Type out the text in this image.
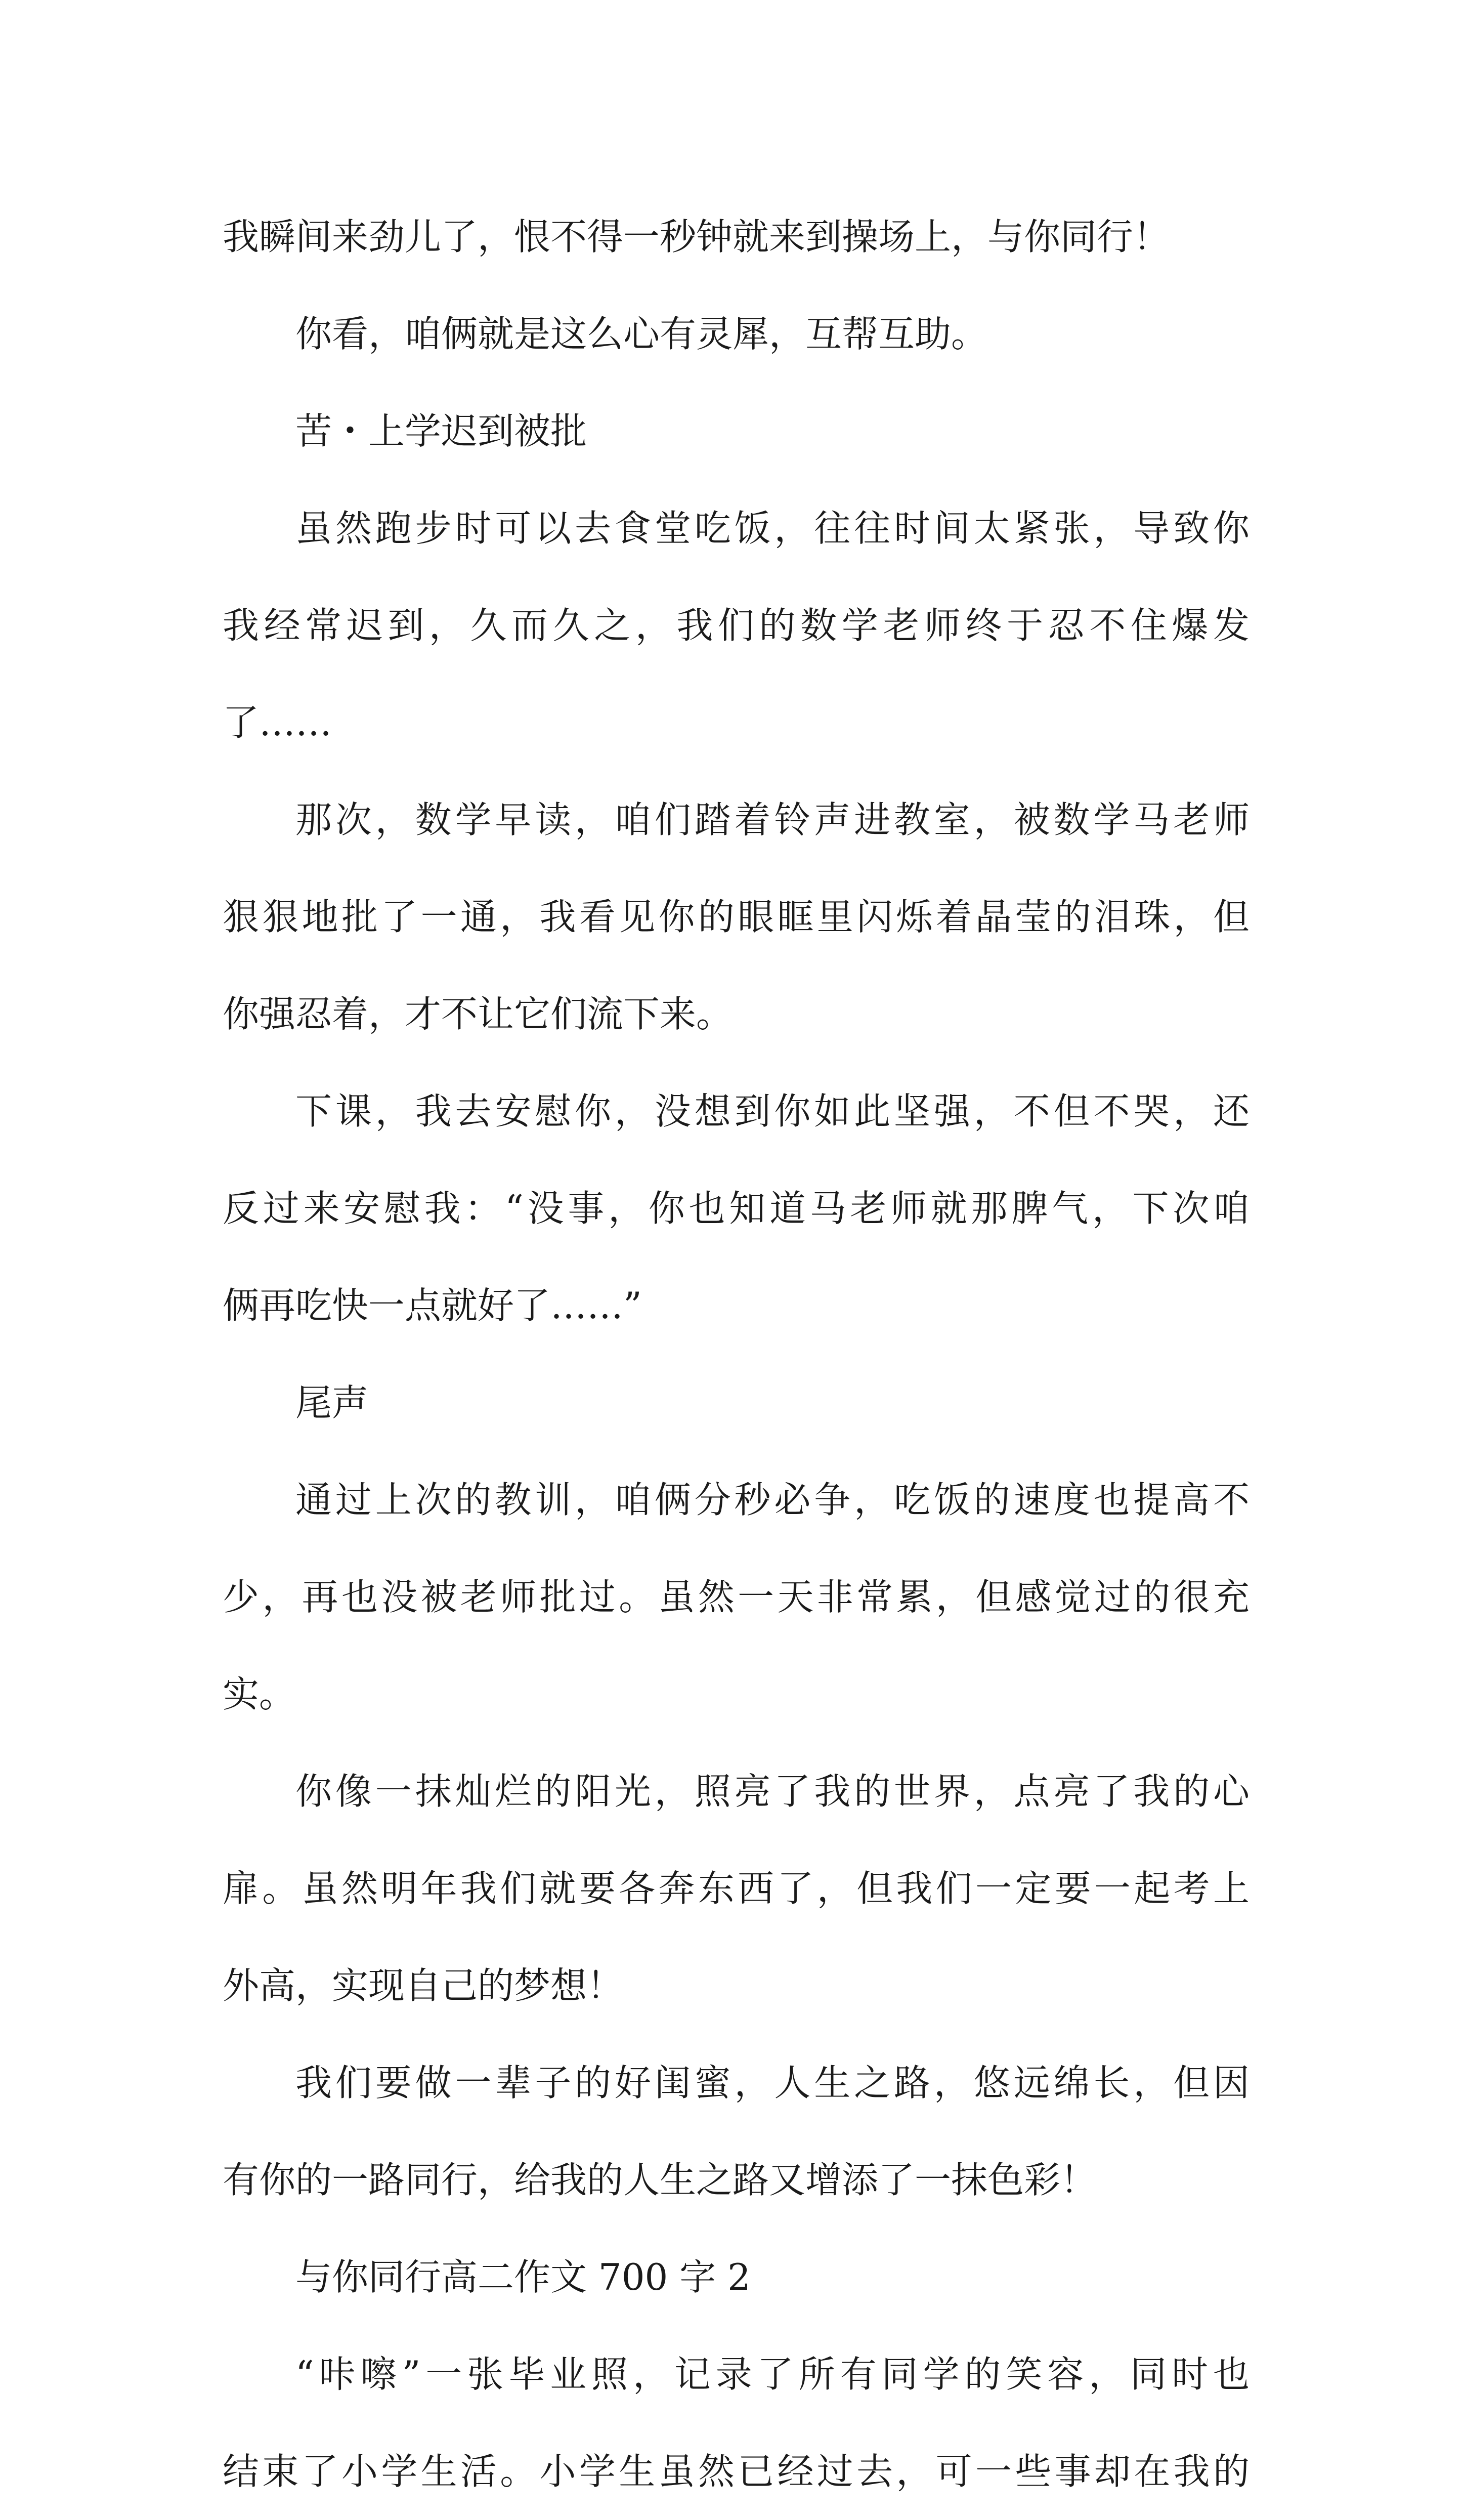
我瞬间来劲儿了，恨不得一秒钟就来到操场上，与你同行！
你看，咱俩就是这么心有灵犀，互帮互助。
苦・上学迟到被批
虽然跑步时可以去食堂吃饭，往往时间太紧张，导致你
我经常迟到，久而久之，我们的数学老师终于忍不住爆发
了……
那次，数学早读，咱们踏着铃声进教室，被数学马老师
狠狠地批了一通，我看见你的眼眶里闪烁着晶莹的泪珠，但
你强忍着，才不让它们流下来。
下课，我去安慰你，没想到你如此坚强，不但不哭，还
反过来安慰我：“没事，你也知道马老师就那脾气，下次咱
俩再吃快一点就好了……”
尾声
通过上次的教训，咱俩分秒必争，吃饭的速度也提高不
少，再也没被老师批过。虽然一天非常累，但感觉过的很充
实。
你像一抹灿烂的阳光，照亮了我的世界，点亮了我的心
扉。虽然明年我们就要各奔东西了，但我们一定要一起考上
外高，实现自己的梦想！
我们要做一辈子的好闺蜜，人生之路，悠远绵长，但因
有你的一路同行，给我的人生之路又增添了一抹色彩！
与你同行高二作文 700 字 2
“咔嚓”一张毕业照，记录了所有同学的笑容，同时也
结束了小学生活。小学生虽然已经过去，可一些事却在我的
